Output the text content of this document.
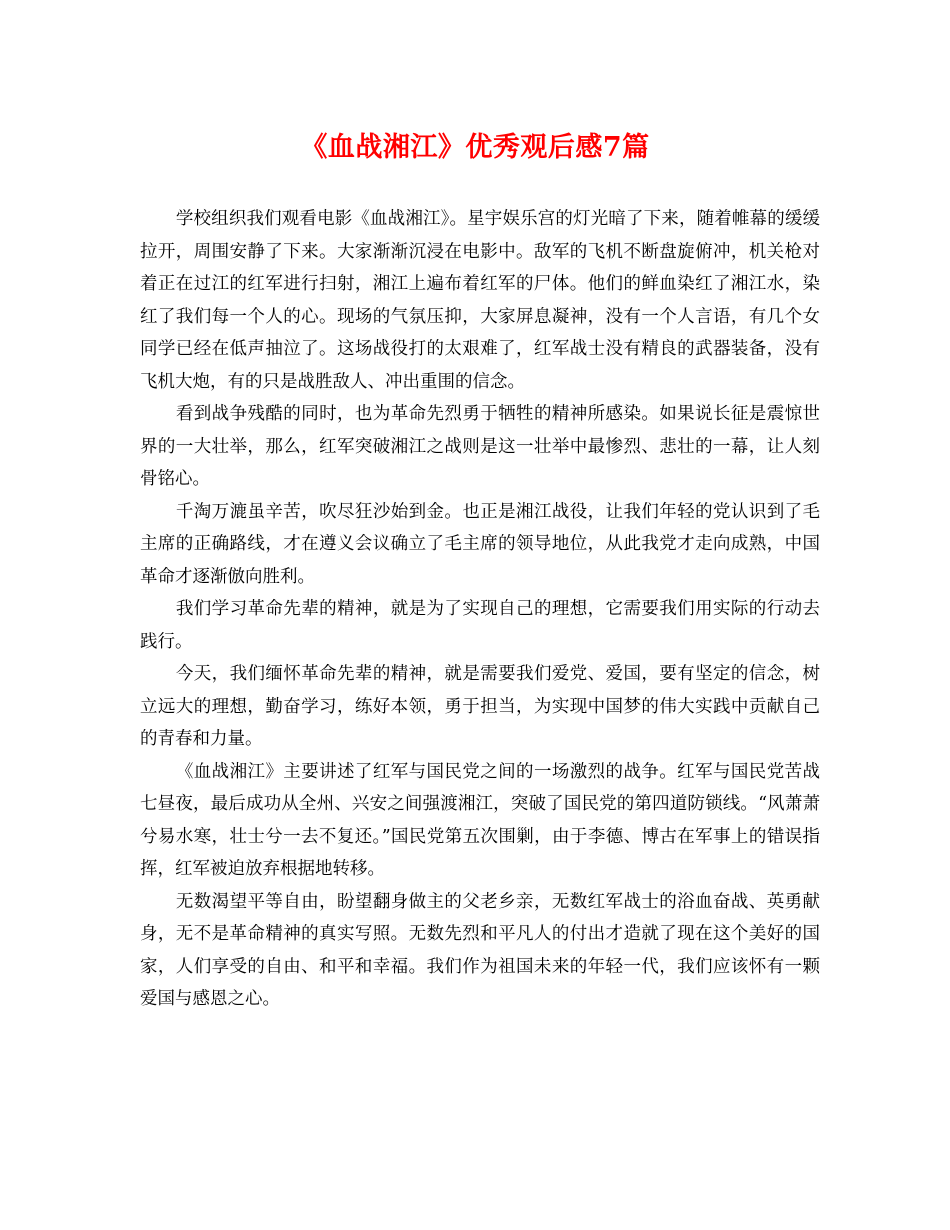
《血战湘江》优秀观后感7篇

学校组织我们观看电影《血战湘江》。星宇娱乐宫的灯光暗了下来，随着帷幕的缓缓拉开，周围安静了下来。大家渐渐沉浸在电影中。敌军的飞机不断盘旋俯冲，机关枪对着正在过江的红军进行扫射，湘江上遍布着红军的尸体。他们的鲜血染红了湘江水，染红了我们每一个人的心。现场的气氛压抑，大家屏息凝神，没有一个人言语，有几个女同学已经在低声抽泣了。这场战役打的太艰难了，红军战士没有精良的武器装备，没有飞机大炮，有的只是战胜敌人、冲出重围的信念。

看到战争残酷的同时，也为革命先烈勇于牺牲的精神所感染。如果说长征是震惊世界的一大壮举，那么，红军突破湘江之战则是这一壮举中最惨烈、悲壮的一幕，让人刻骨铭心。

千淘万漉虽辛苦，吹尽狂沙始到金。也正是湘江战役，让我们年轻的党认识到了毛主席的正确路线，才在遵义会议确立了毛主席的领导地位，从此我党才走向成熟，中国革命才逐渐倣向胜利。

我们学习革命先辈的精神，就是为了实现自己的理想，它需要我们用实际的行动去践行。

今天，我们缅怀革命先辈的精神，就是需要我们爱党、爱国，要有坚定的信念，树立远大的理想，勤奋学习，练好本领，勇于担当，为实现中国梦的伟大实践中贡献自己的青春和力量。

《血战湘江》主要讲述了红军与国民党之间的一场激烈的战争。红军与国民党苦战七昼夜，最后成功从全州、兴安之间强渡湘江，突破了国民党的第四道防锁线。“风萧萧兮易水寒，壮士兮一去不复还。”国民党第五次围剿，由于李德、博古在军事上的错误指挥，红军被迫放弃根据地转移。

无数渴望平等自由，盼望翻身做主的父老乡亲，无数红军战士的浴血奋战、英勇献身，无不是革命精神的真实写照。无数先烈和平凡人的付出才造就了现在这个美好的国家，人们享受的自由、和平和幸福。我们作为祖国未来的年轻一代，我们应该怀有一颗爱国与感恩之心。
